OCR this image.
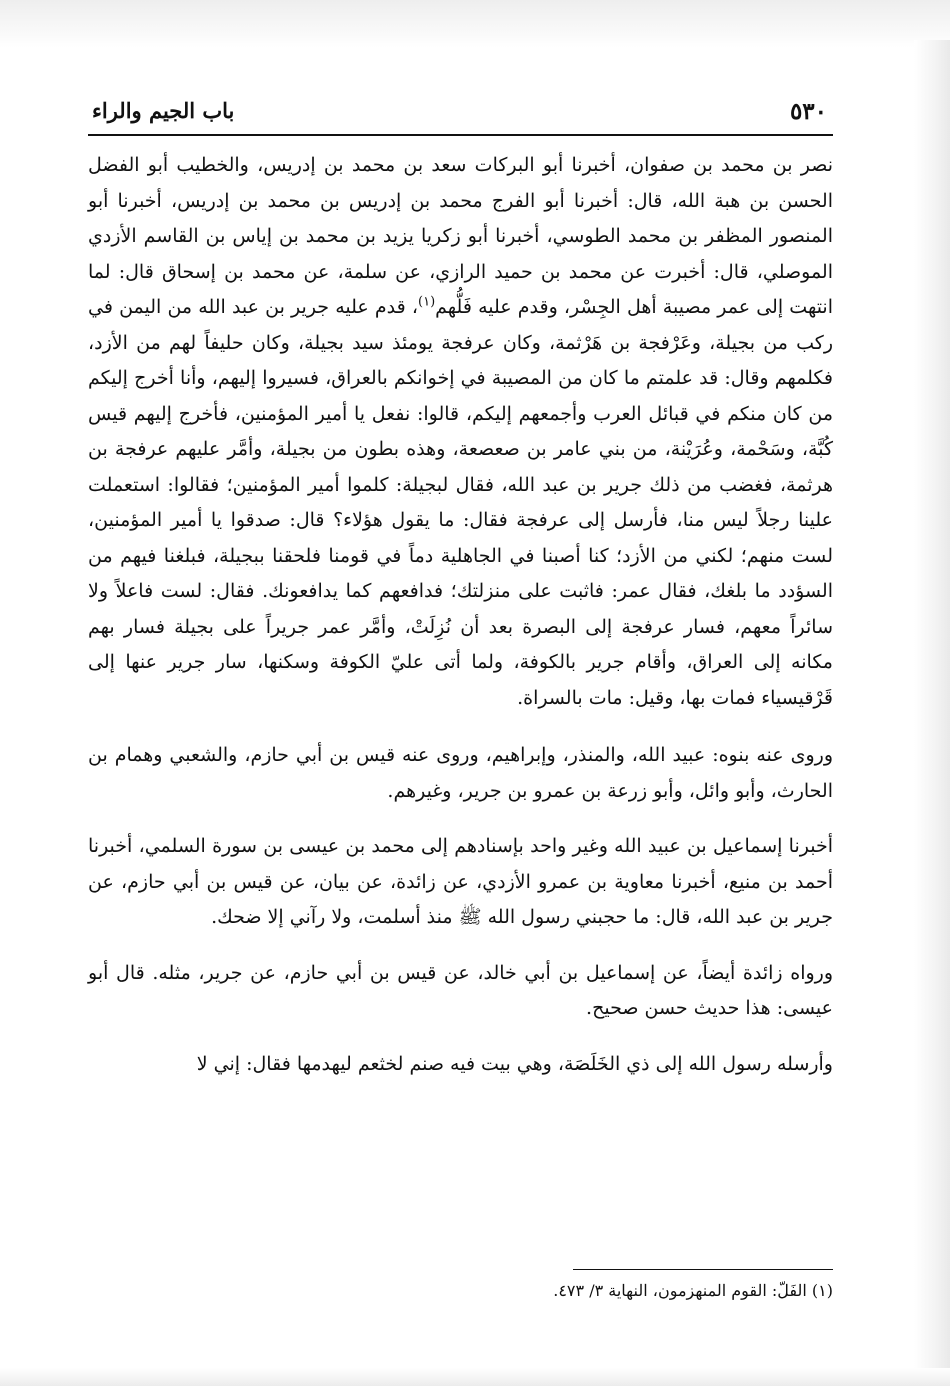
٥٣٠
باب الجيم والراء

نصر بن محمد بن صفوان، أخبرنا أبو البركات سعد بن محمد بن إدريس، والخطيب أبو الفضل الحسن بن هبة الله، قال: أخبرنا أبو الفرج محمد بن إدريس بن محمد بن إدريس، أخبرنا أبو المنصور المظفر بن محمد الطوسي، أخبرنا أبو زكريا يزيد بن محمد بن إياس بن القاسم الأزدي الموصلي، قال: أخبرت عن محمد بن حميد الرازي، عن سلمة، عن محمد بن إسحاق قال: لما انتهت إلى عمر مصيبة أهل الجِسْر، وقدم عليه فَلُّهم$^{(١)}$، قدم عليه جرير بن عبد الله من اليمن في ركب من بجيلة، وعَرْفجة بن هَرْثمة، وكان عرفجة يومئذ سيد بجيلة، وكان حليفاً لهم من الأزد، فكلمهم وقال: قد علمتم ما كان من المصيبة في إخوانكم بالعراق، فسيروا إليهم، وأنا أخرج إليكم من كان منكم في قبائل العرب وأجمعهم إليكم، قالوا: نفعل يا أمير المؤمنين، فأخرج إليهم قيس كُبَّة، وسَحْمة، وعُرَيْنة، من بني عامر بن صعصعة، وهذه بطون من بجيلة، وأمَّر عليهم عرفجة بن هرثمة، فغضب من ذلك جرير بن عبد الله، فقال لبجيلة: كلموا أمير المؤمنين؛ فقالوا: استعملت علينا رجلاً ليس منا، فأرسل إلى عرفجة فقال: ما يقول هؤلاء؟ قال: صدقوا يا أمير المؤمنين، لست منهم؛ لكني من الأزد؛ كنا أصبنا في الجاهلية دماً في قومنا فلحقنا ببجيلة، فبلغنا فيهم من السؤدد ما بلغك، فقال عمر: فاثبت على منزلتك؛ فدافعهم كما يدافعونك. فقال: لست فاعلاً ولا سائراً معهم، فسار عرفجة إلى البصرة بعد أن نُزِلَتْ، وأمَّر عمر جريراً على بجيلة فسار بهم مكانه إلى العراق، وأقام جرير بالكوفة، ولما أتى عليّ الكوفة وسكنها، سار جرير عنها إلى قَرْقيسياء فمات بها، وقيل: مات بالسراة.

وروى عنه بنوه: عبيد الله، والمنذر، وإبراهيم، وروى عنه قيس بن أبي حازم، والشعبي وهمام بن الحارث، وأبو وائل، وأبو زرعة بن عمرو بن جرير، وغيرهم.

أخبرنا إسماعيل بن عبيد الله وغير واحد بإسنادهم إلى محمد بن عيسى بن سورة السلمي، أخبرنا أحمد بن منيع، أخبرنا معاوية بن عمرو الأزدي، عن زائدة، عن بيان، عن قيس بن أبي حازم، عن جرير بن عبد الله، قال: ما حجبني رسول الله ﷺ منذ أسلمت، ولا رآني إلا ضحك.

ورواه زائدة أيضاً، عن إسماعيل بن أبي خالد، عن قيس بن أبي حازم، عن جرير، مثله. قال أبو عيسى: هذا حديث حسن صحيح.

وأرسله رسول الله إلى ذي الخَلَصَة، وهي بيت فيه صنم لخثعم ليهدمها فقال: إني لا

(١) الفَلّ: القوم المنهزمون، النهاية ٣/ ٤٧٣.
